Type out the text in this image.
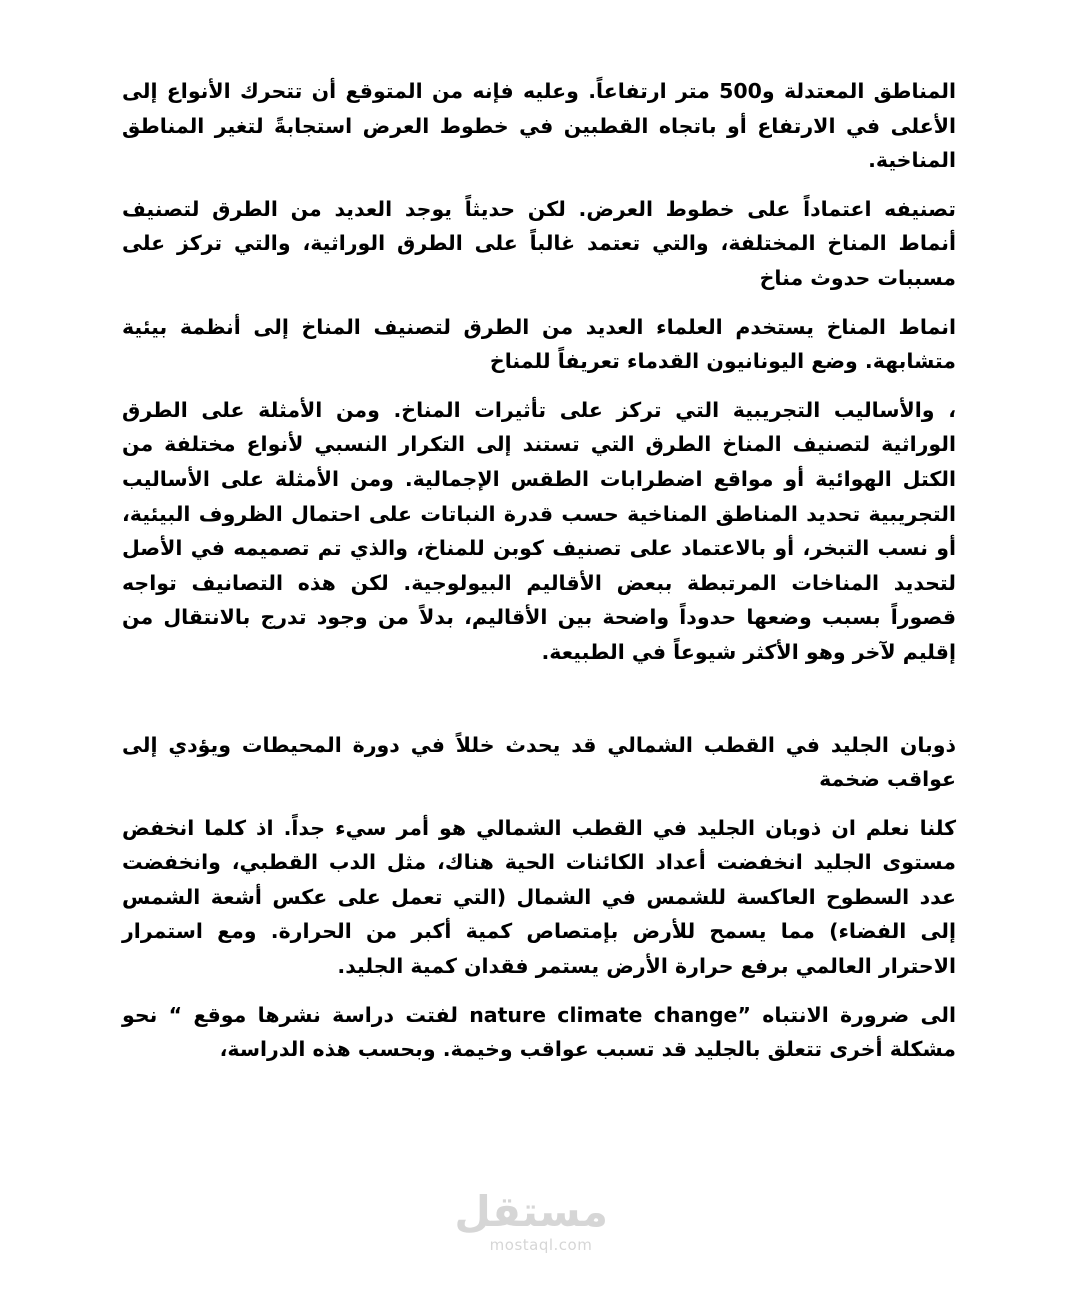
المناطق المعتدلة و500 متر ارتفاعاً. وعليه فإنه من المتوقع أن تتحرك الأنواع إلى الأعلى في الارتفاع أو باتجاه القطبين في خطوط العرض استجابةً لتغير المناطق المناخية.

تصنيفه اعتماداً على خطوط العرض. لكن حديثاً يوجد العديد من الطرق لتصنيف أنماط المناخ المختلفة، والتي تعتمد غالباً على الطرق الوراثية، والتي تركز على مسببات حدوث مناخ

انماط المناخ يستخدم العلماء العديد من الطرق لتصنيف المناخ إلى أنظمة بيئية متشابهة. وضع اليونانيون القدماء تعريفاً للمناخ

، والأساليب التجريبية التي تركز على تأثيرات المناخ. ومن الأمثلة على الطرق الوراثية لتصنيف المناخ الطرق التي تستند إلى التكرار النسبي لأنواع مختلفة من الكتل الهوائية أو مواقع اضطرابات الطقس الإجمالية. ومن الأمثلة على الأساليب التجريبية تحديد المناطق المناخية حسب قدرة النباتات على احتمال الظروف البيئية، أو نسب التبخر، أو بالاعتماد على تصنيف كوبن للمناخ، والذي تم تصميمه في الأصل لتحديد المناخات المرتبطة ببعض الأقاليم البيولوجية. لكن هذه التصانيف تواجه قصوراً بسبب وضعها حدوداً واضحة بين الأقاليم، بدلاً من وجود تدرج بالانتقال من إقليم لآخر وهو الأكثر شيوعاً في الطبيعة.

ذوبان الجليد في القطب الشمالي قد يحدث خللاً في دورة المحيطات ويؤدي إلى عواقب ضخمة

كلنا نعلم ان ذوبان الجليد في القطب الشمالي هو أمر سيء جداً. اذ كلما انخفض مستوى الجليد انخفضت أعداد الكائنات الحية هناك، مثل الدب القطبي، وانخفضت عدد السطوح العاكسة للشمس في الشمال (التي تعمل على عكس أشعة الشمس إلى الفضاء) مما يسمح للأرض بإمتصاص كمية أكبر من الحرارة. ومع استمرار الاحترار العالمي برفع حرارة الأرض يستمر فقدان كمية الجليد.

الى ضرورة الانتباه ”nature climate change لفتت دراسة نشرها موقع “ نحو مشكلة أخرى تتعلق بالجليد قد تسبب عواقب وخيمة. وبحسب هذه الدراسة،

مستقل
mostaql.com
